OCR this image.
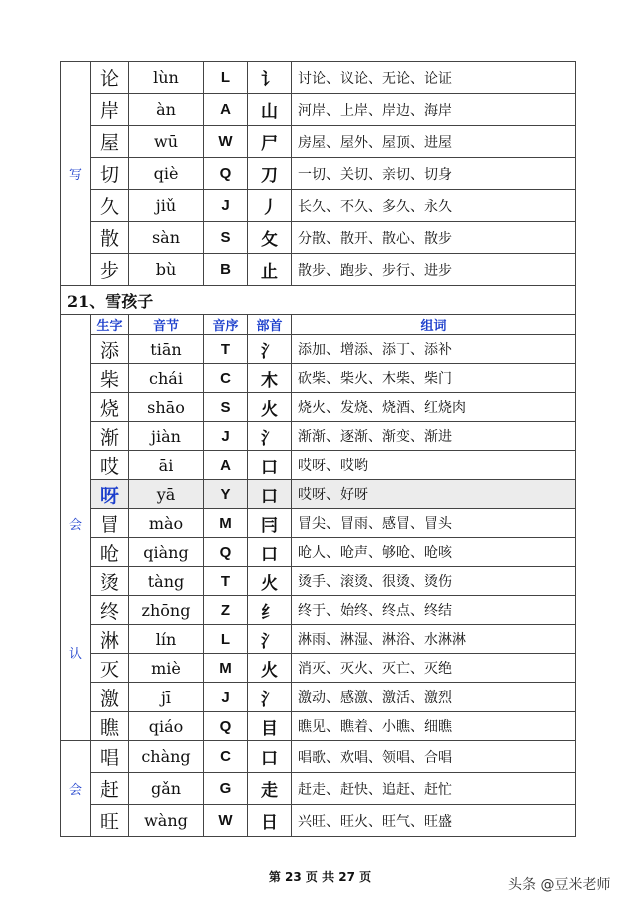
写	论	lùn	L	讠	讨论、议论、无论、论证
	岸	àn	A	山	河岸、上岸、岸边、海岸
	屋	wū	W	尸	房屋、屋外、屋顶、进屋
	切	qiè	Q	刀	一切、关切、亲切、切身
	久	jiǔ	J	丿	长久、不久、多久、永久
	散	sàn	S	攵	分散、散开、散心、散步
	步	bù	B	止	散步、跑步、步行、进步
21、雪孩子					

会
认	生字	音节	音序	部首	组词
	添	tiān	T	氵	添加、增添、添丁、添补
	柴	chái	C	木	砍柴、柴火、木柴、柴门
	烧	shāo	S	火	烧火、发烧、烧酒、红烧肉
	渐	jiàn	J	氵	渐渐、逐渐、渐变、渐进
	哎	āi	A	口	哎呀、哎哟
	呀	yā	Y	口	哎呀、好呀
	冒	mào	M	冃	冒尖、冒雨、感冒、冒头
	呛	qiàng	Q	口	呛人、呛声、够呛、呛咳
	烫	tàng	T	火	烫手、滚烫、很烫、烫伤
	终	zhōng	Z	纟	终于、始终、终点、终结
	淋	lín	L	氵	淋雨、淋湿、淋浴、水淋淋
	灭	miè	M	火	消灭、灭火、灭亡、灭绝
	激	jī	J	氵	激动、感激、激活、激烈
	瞧	qiáo	Q	目	瞧见、瞧着、小瞧、细瞧
会	唱	chàng	C	口	唱歌、欢唱、领唱、合唱
	赶	gǎn	G	走	赶走、赶快、追赶、赶忙
	旺	wàng	W	日	兴旺、旺火、旺气、旺盛
第 23 页 共 27 页	头条 @豆米老师
